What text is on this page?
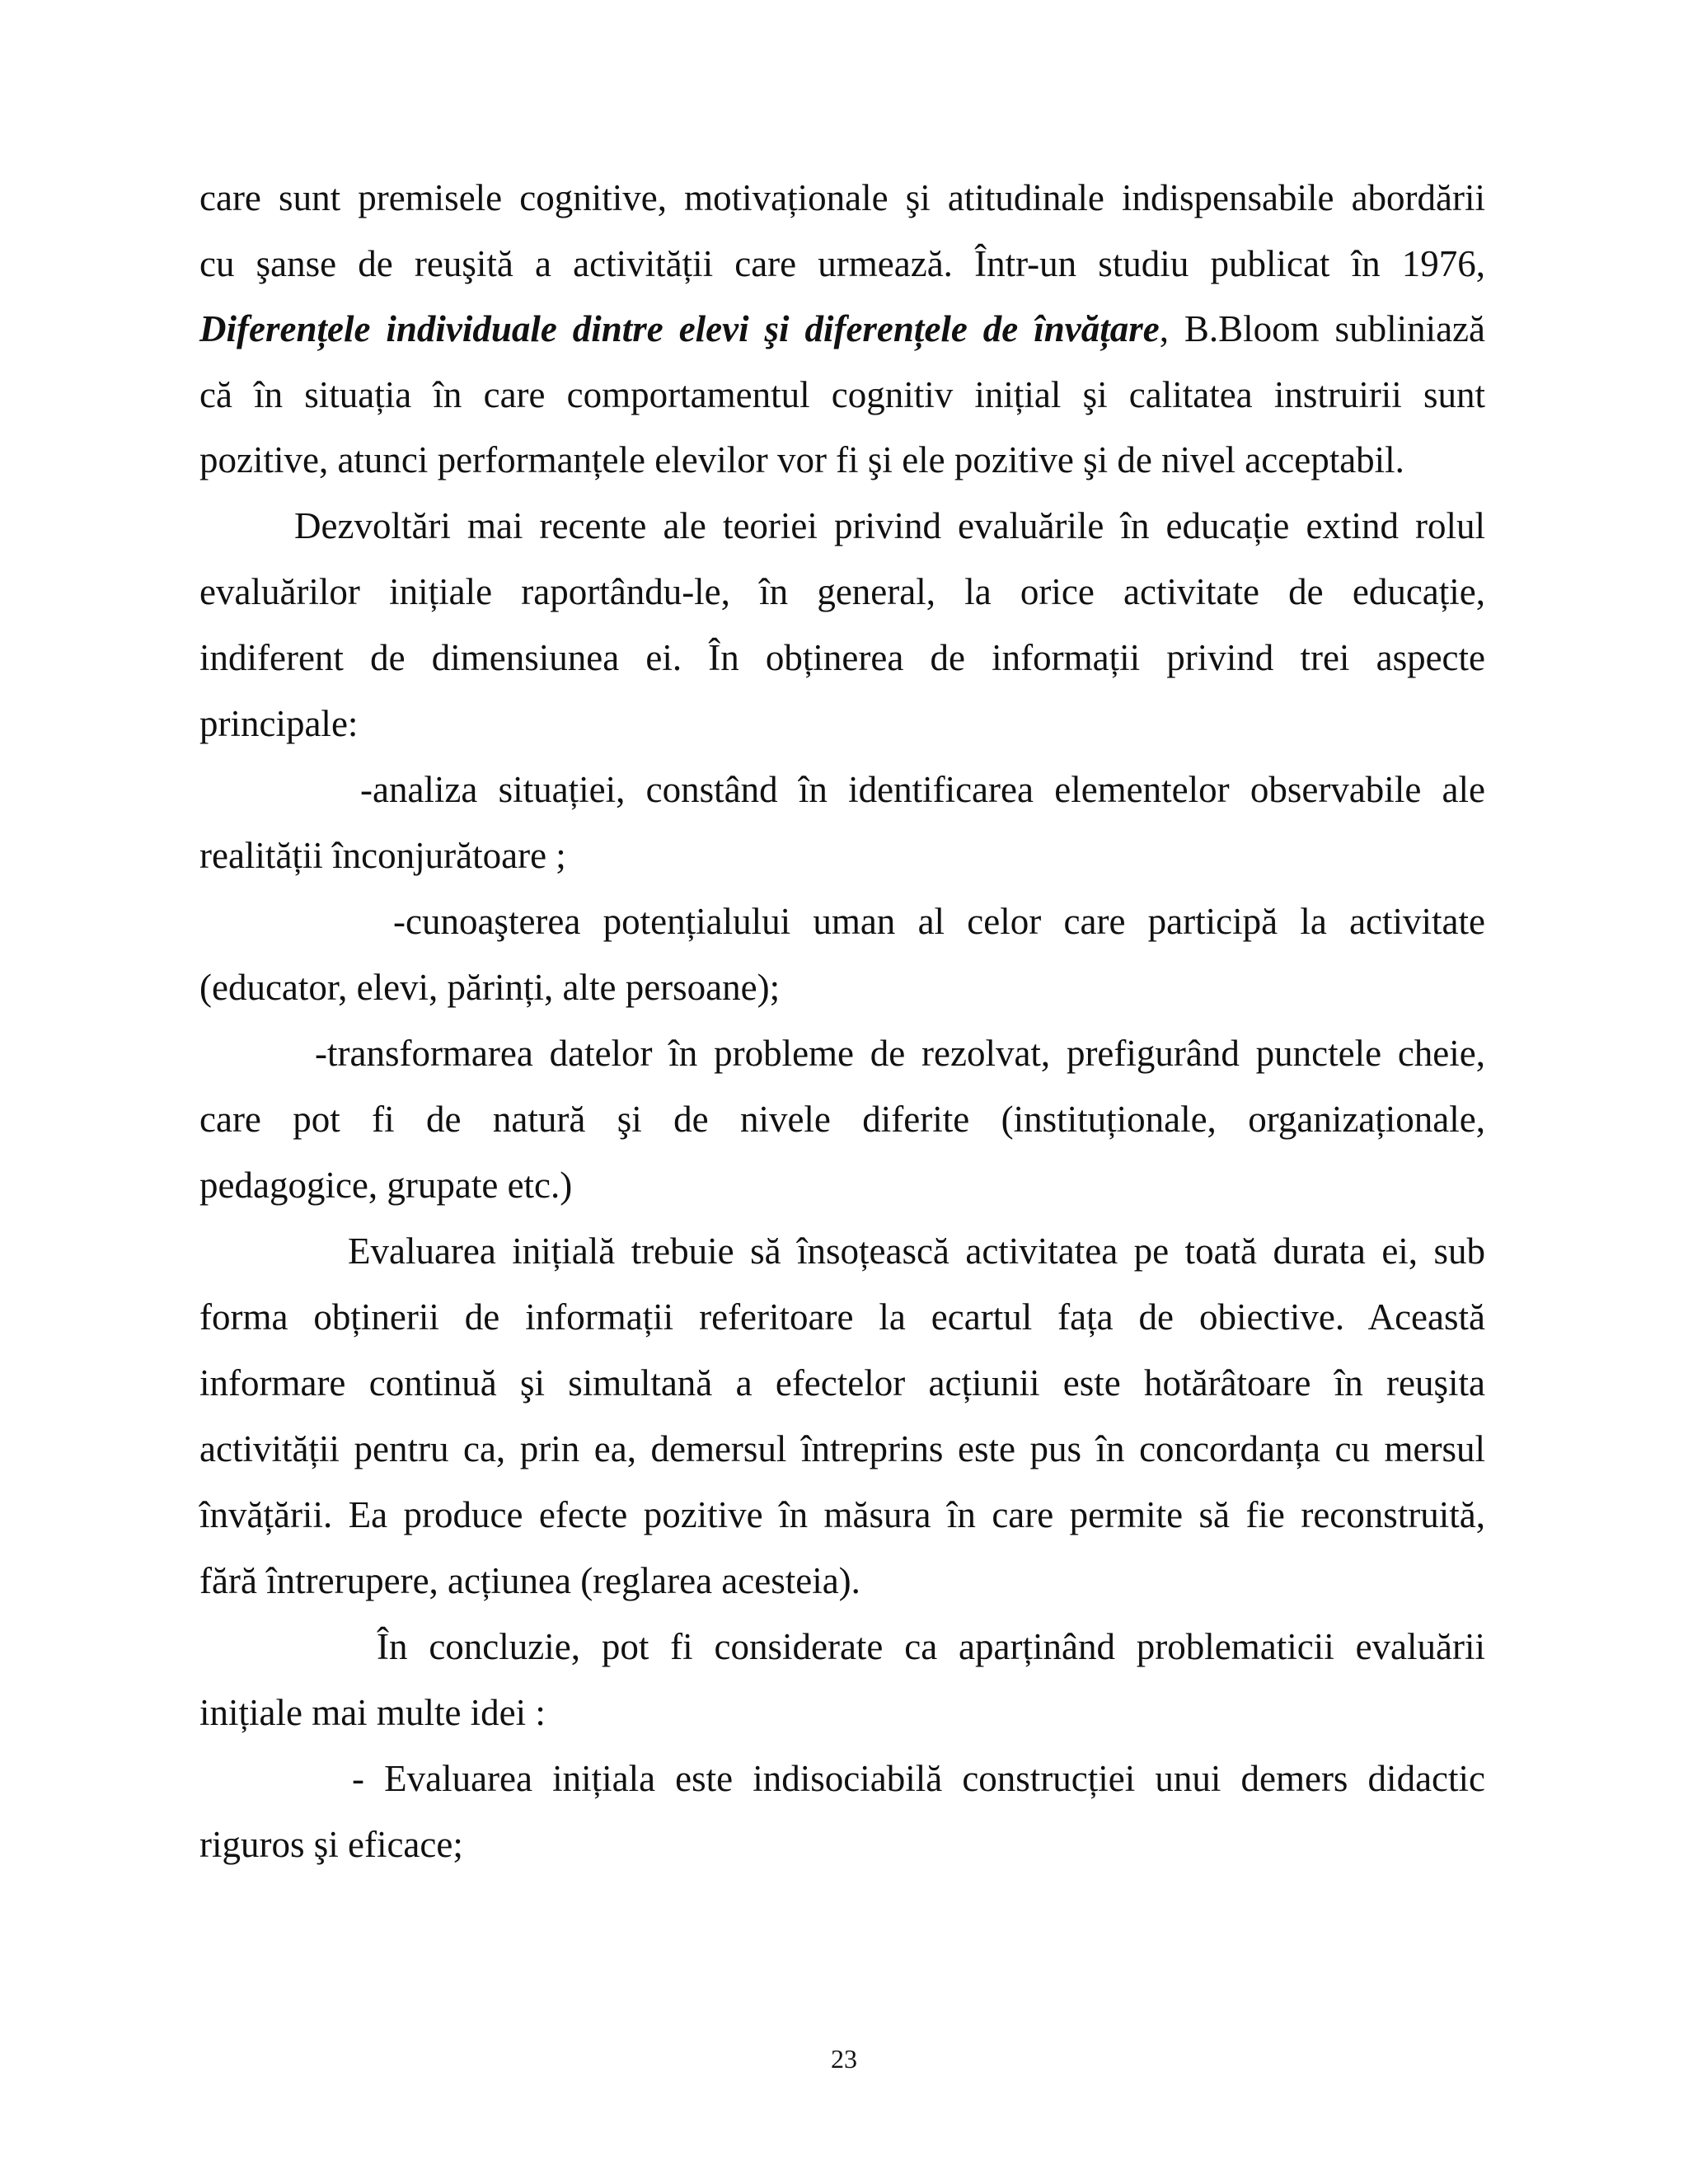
care sunt premisele cognitive, motivaționale şi atitudinale indispensabile abordării
cu şanse de reuşită a activității care urmează. Într-un studiu publicat în 1976,
Diferențele individuale dintre elevi şi diferențele de învățare, B.Bloom subliniază
că în situația în care comportamentul cognitiv inițial şi calitatea instruirii sunt
pozitive, atunci performanțele elevilor vor fi şi ele pozitive şi de nivel acceptabil.
Dezvoltări mai recente ale teoriei privind evaluările în educație extind rolul
evaluărilor inițiale raportându-le, în general, la orice activitate de educație,
indiferent de dimensiunea ei. În obținerea de informații privind trei aspecte
principale:
-analiza situației, constând în identificarea elementelor observabile ale
realității înconjurătoare ;
-cunoaşterea potențialului uman al celor care participă la activitate
(educator, elevi, părinți, alte persoane);
-transformarea datelor în probleme de rezolvat, prefigurând punctele cheie,
care pot fi de natură şi de nivele diferite (instituționale, organizaționale,
pedagogice, grupate etc.)
Evaluarea inițială trebuie să însoțească activitatea pe toată durata ei, sub
forma obținerii de informații referitoare la ecartul fața de obiective. Această
informare continuă şi simultană a efectelor acțiunii este hotărâtoare în reuşita
activității pentru ca, prin ea, demersul întreprins este pus în concordanța cu mersul
învățării. Ea produce efecte pozitive în măsura în care permite să fie reconstruită,
fără întrerupere, acțiunea (reglarea acesteia).
În concluzie, pot fi considerate ca aparținând problematicii evaluării
inițiale mai multe idei :
- Evaluarea inițiala este indisociabilă construcției unui demers didactic
riguros şi eficace;
23
